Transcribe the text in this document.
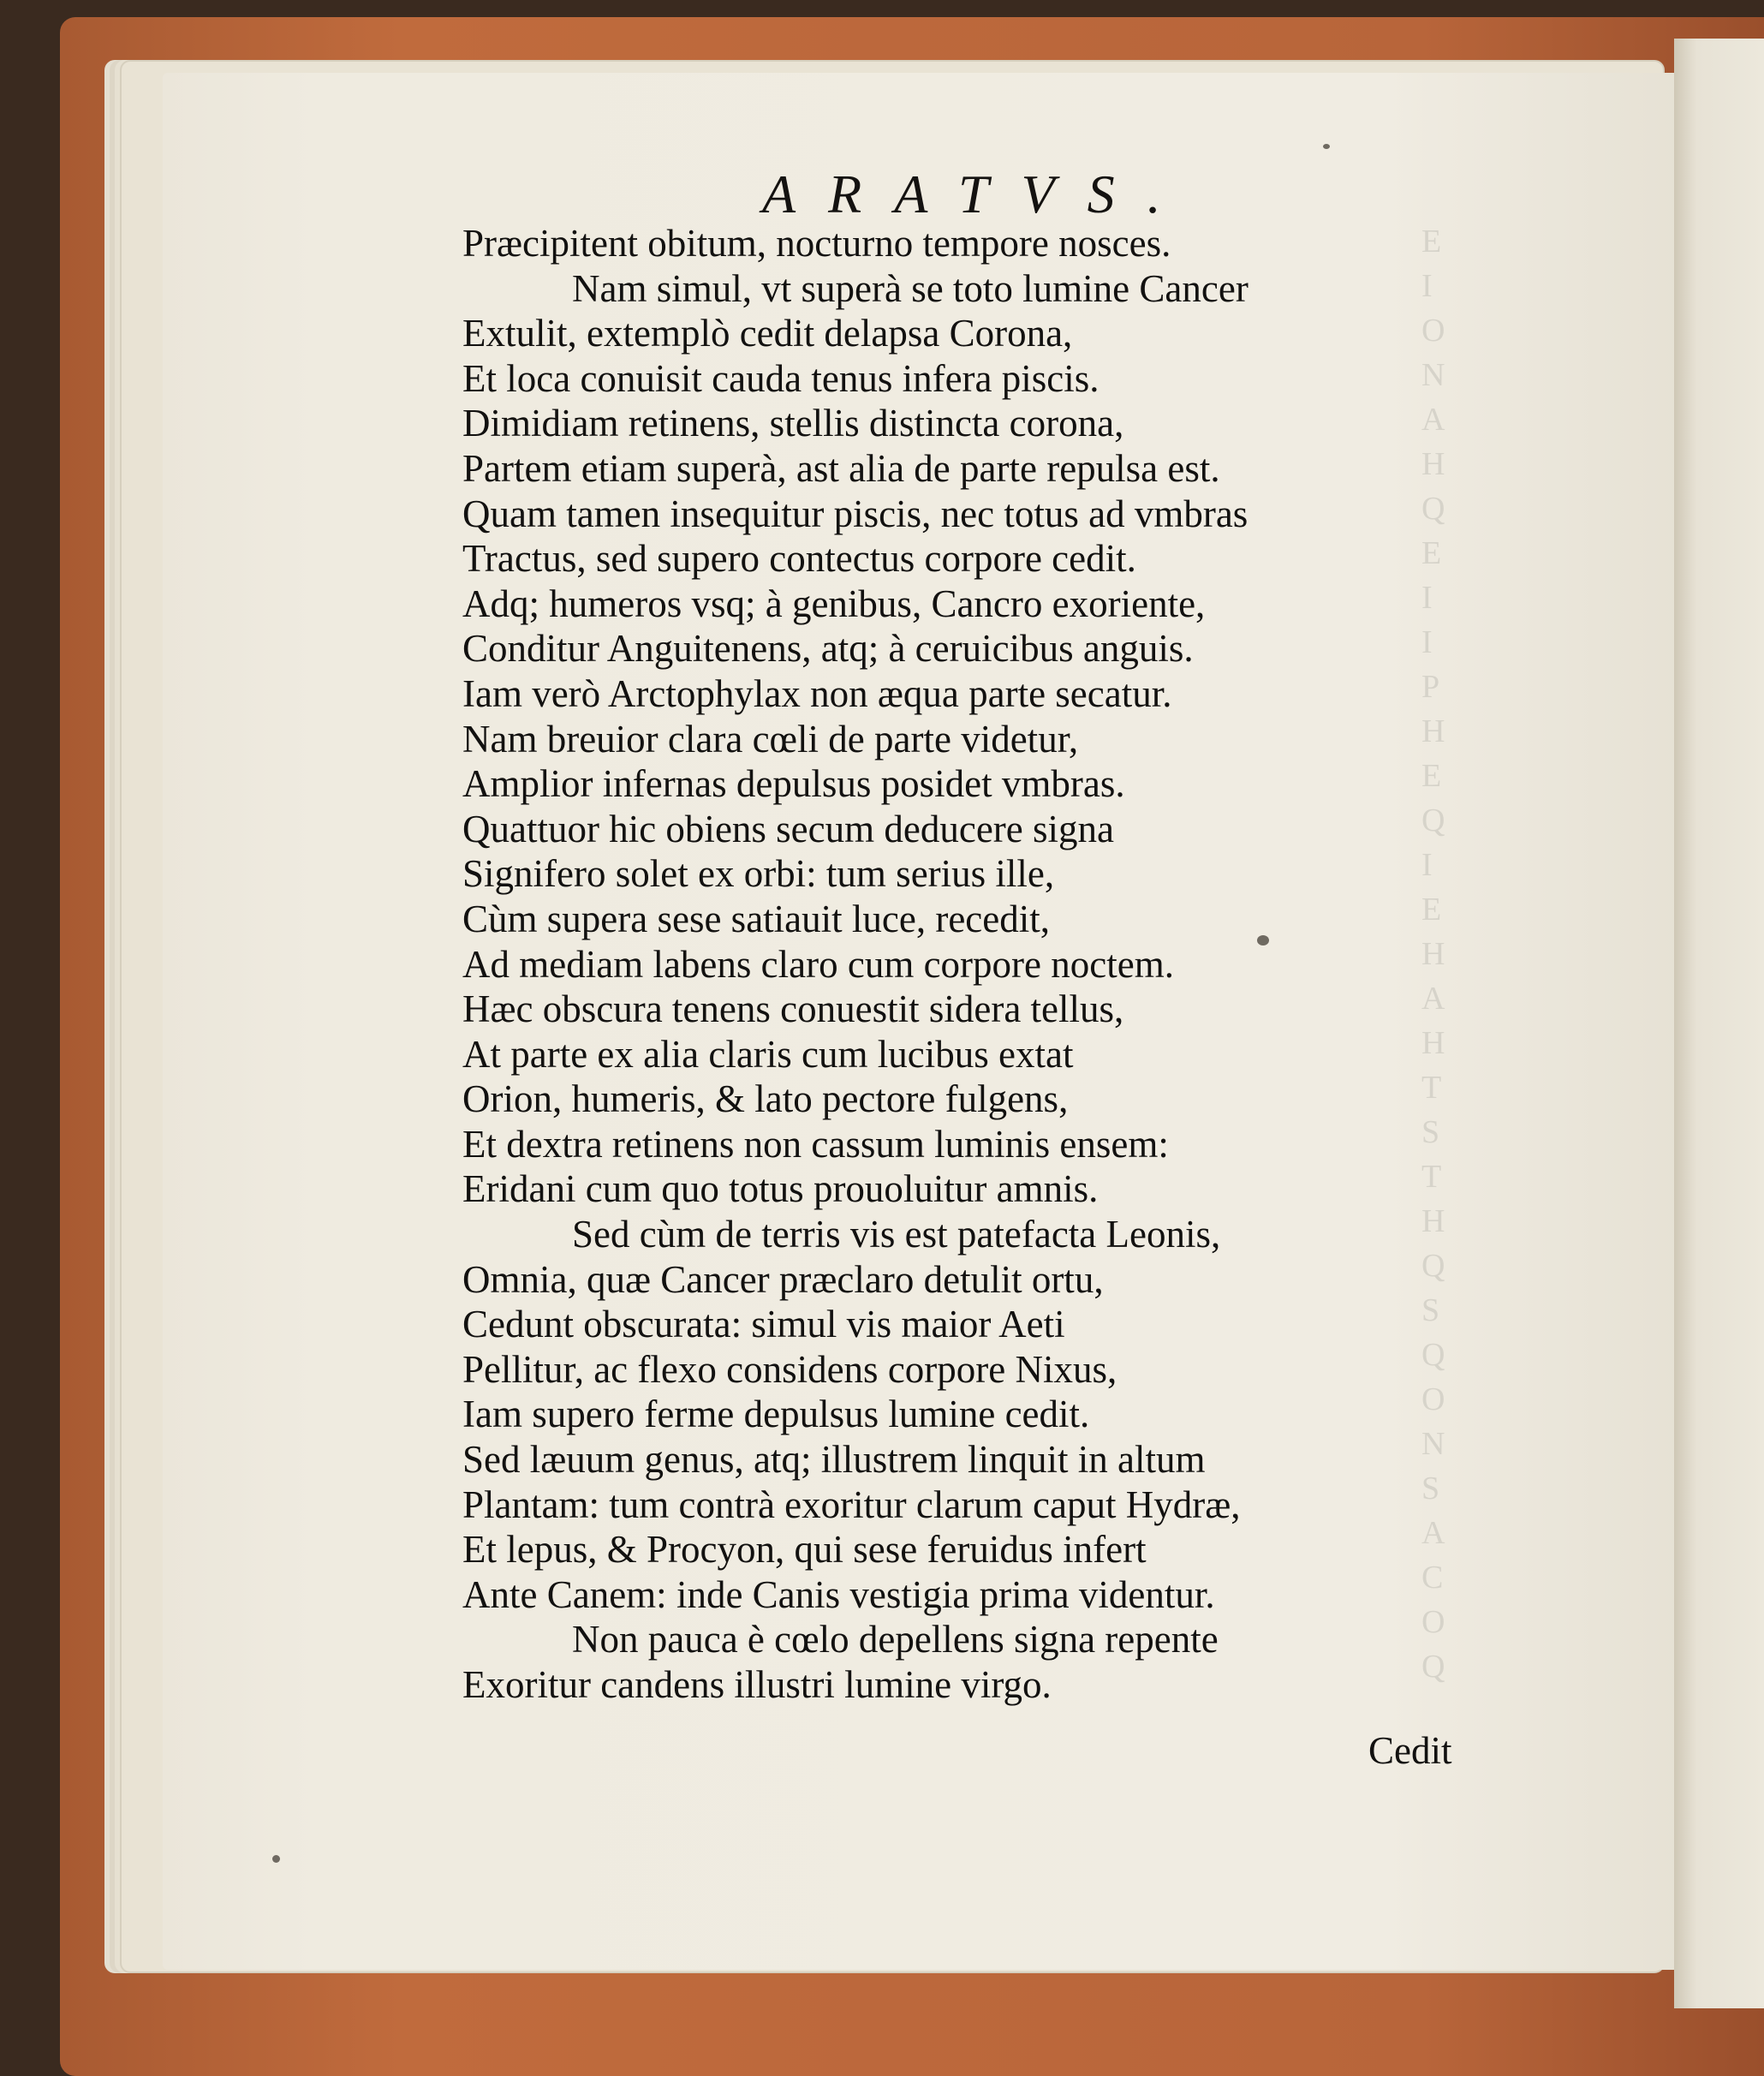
E
I
O
N
A
H
Q
E
I
I
P
H
E
Q
I
E
H
A
H
T
S
T
H
Q
S
Q
O
N
S
A
C
O
Q
ARATVS.
Præcipitent obitum, nocturno tempore nosces.
Nam simul, vt superà se toto lumine Cancer
Extulit, extemplò cedit delapsa Corona,
Et loca conuisit cauda tenus infera piscis.
Dimidiam retinens, stellis distincta corona,
Partem etiam superà, ast alia de parte repulsa est.
Quam tamen insequitur piscis, nec totus ad vmbras
Tractus, sed supero contectus corpore cedit.
Adq; humeros vsq; à genibus, Cancro exoriente,
Conditur Anguitenens, atq; à ceruicibus anguis.
Iam verò Arctophylax non æqua parte secatur.
Nam breuior clara cœli de parte videtur,
Amplior infernas depulsus posidet vmbras.
Quattuor hic obiens secum deducere signa
Signifero solet ex orbi: tum serius ille,
Cùm supera sese satiauit luce, recedit,
Ad mediam labens claro cum corpore noctem.
Hæc obscura tenens conuestit sidera tellus,
At parte ex alia claris cum lucibus extat
Orion, humeris, & lato pectore fulgens,
Et dextra retinens non cassum luminis ensem:
Eridani cum quo totus prouoluitur amnis.
Sed cùm de terris vis est patefacta Leonis,
Omnia, quæ Cancer præclaro detulit ortu,
Cedunt obscurata: simul vis maior Aeti
Pellitur, ac flexo considens corpore Nixus,
Iam supero ferme depulsus lumine cedit.
Sed læuum genus, atq; illustrem linquit in altum
Plantam: tum contrà exoritur clarum caput Hydræ,
Et lepus, & Procyon, qui sese feruidus infert
Ante Canem: inde Canis vestigia prima videntur.
Non pauca è cœlo depellens signa repente
Exoritur candens illustri lumine virgo.
Cedit
